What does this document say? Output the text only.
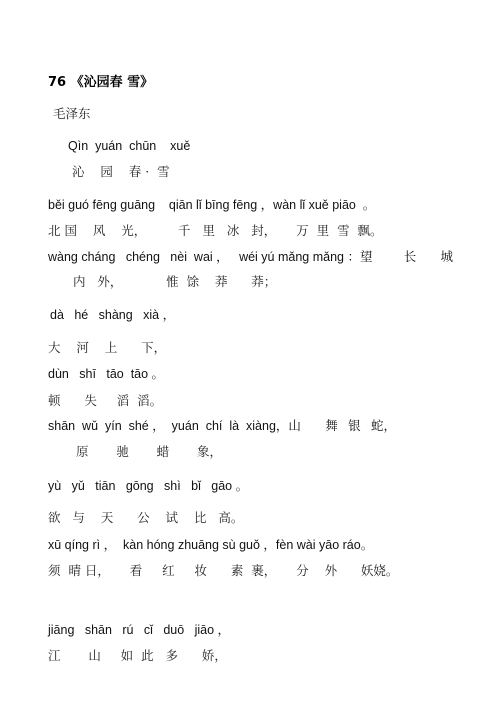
76 《沁园春 雪》
毛泽东
Qìn  yuán  chūn    xuě
沁    园    春 ·  雪
běi guó fēng guāng    qiān lǐ bīng fēng ，wàn lǐ xuě piāo  。
北 国    风    光，        千   里   冰   封，     万  里  雪  飘。
wàng cháng   chéng   nèi  wai ，   wéi yú mǎng mǎng ：望         长       城
内   外，           惟  馀    莽      莽；
dà   hé   shàng   xià ，
大    河    上      下，
dùn   shī   tāo  tāo 。
顿      失     滔  滔。
shān  wǔ  yín  shé ，  yuán  chí  là  xiàng，山       舞   银   蛇，
原       驰       蜡       象，
yù   yǔ   tiān   gōng   shì   bǐ   gāo 。
欲   与    天      公    试    比   高。
xū qíng rì ，  kàn hóng zhuāng sù guǒ ，fèn wài yāo ráo。
须  晴 日，     看     红     妆      素  裹，     分    外      妖娆。
jiāng   shān   rú   cǐ   duō   jiāo ，
江       山     如  此   多      娇，
